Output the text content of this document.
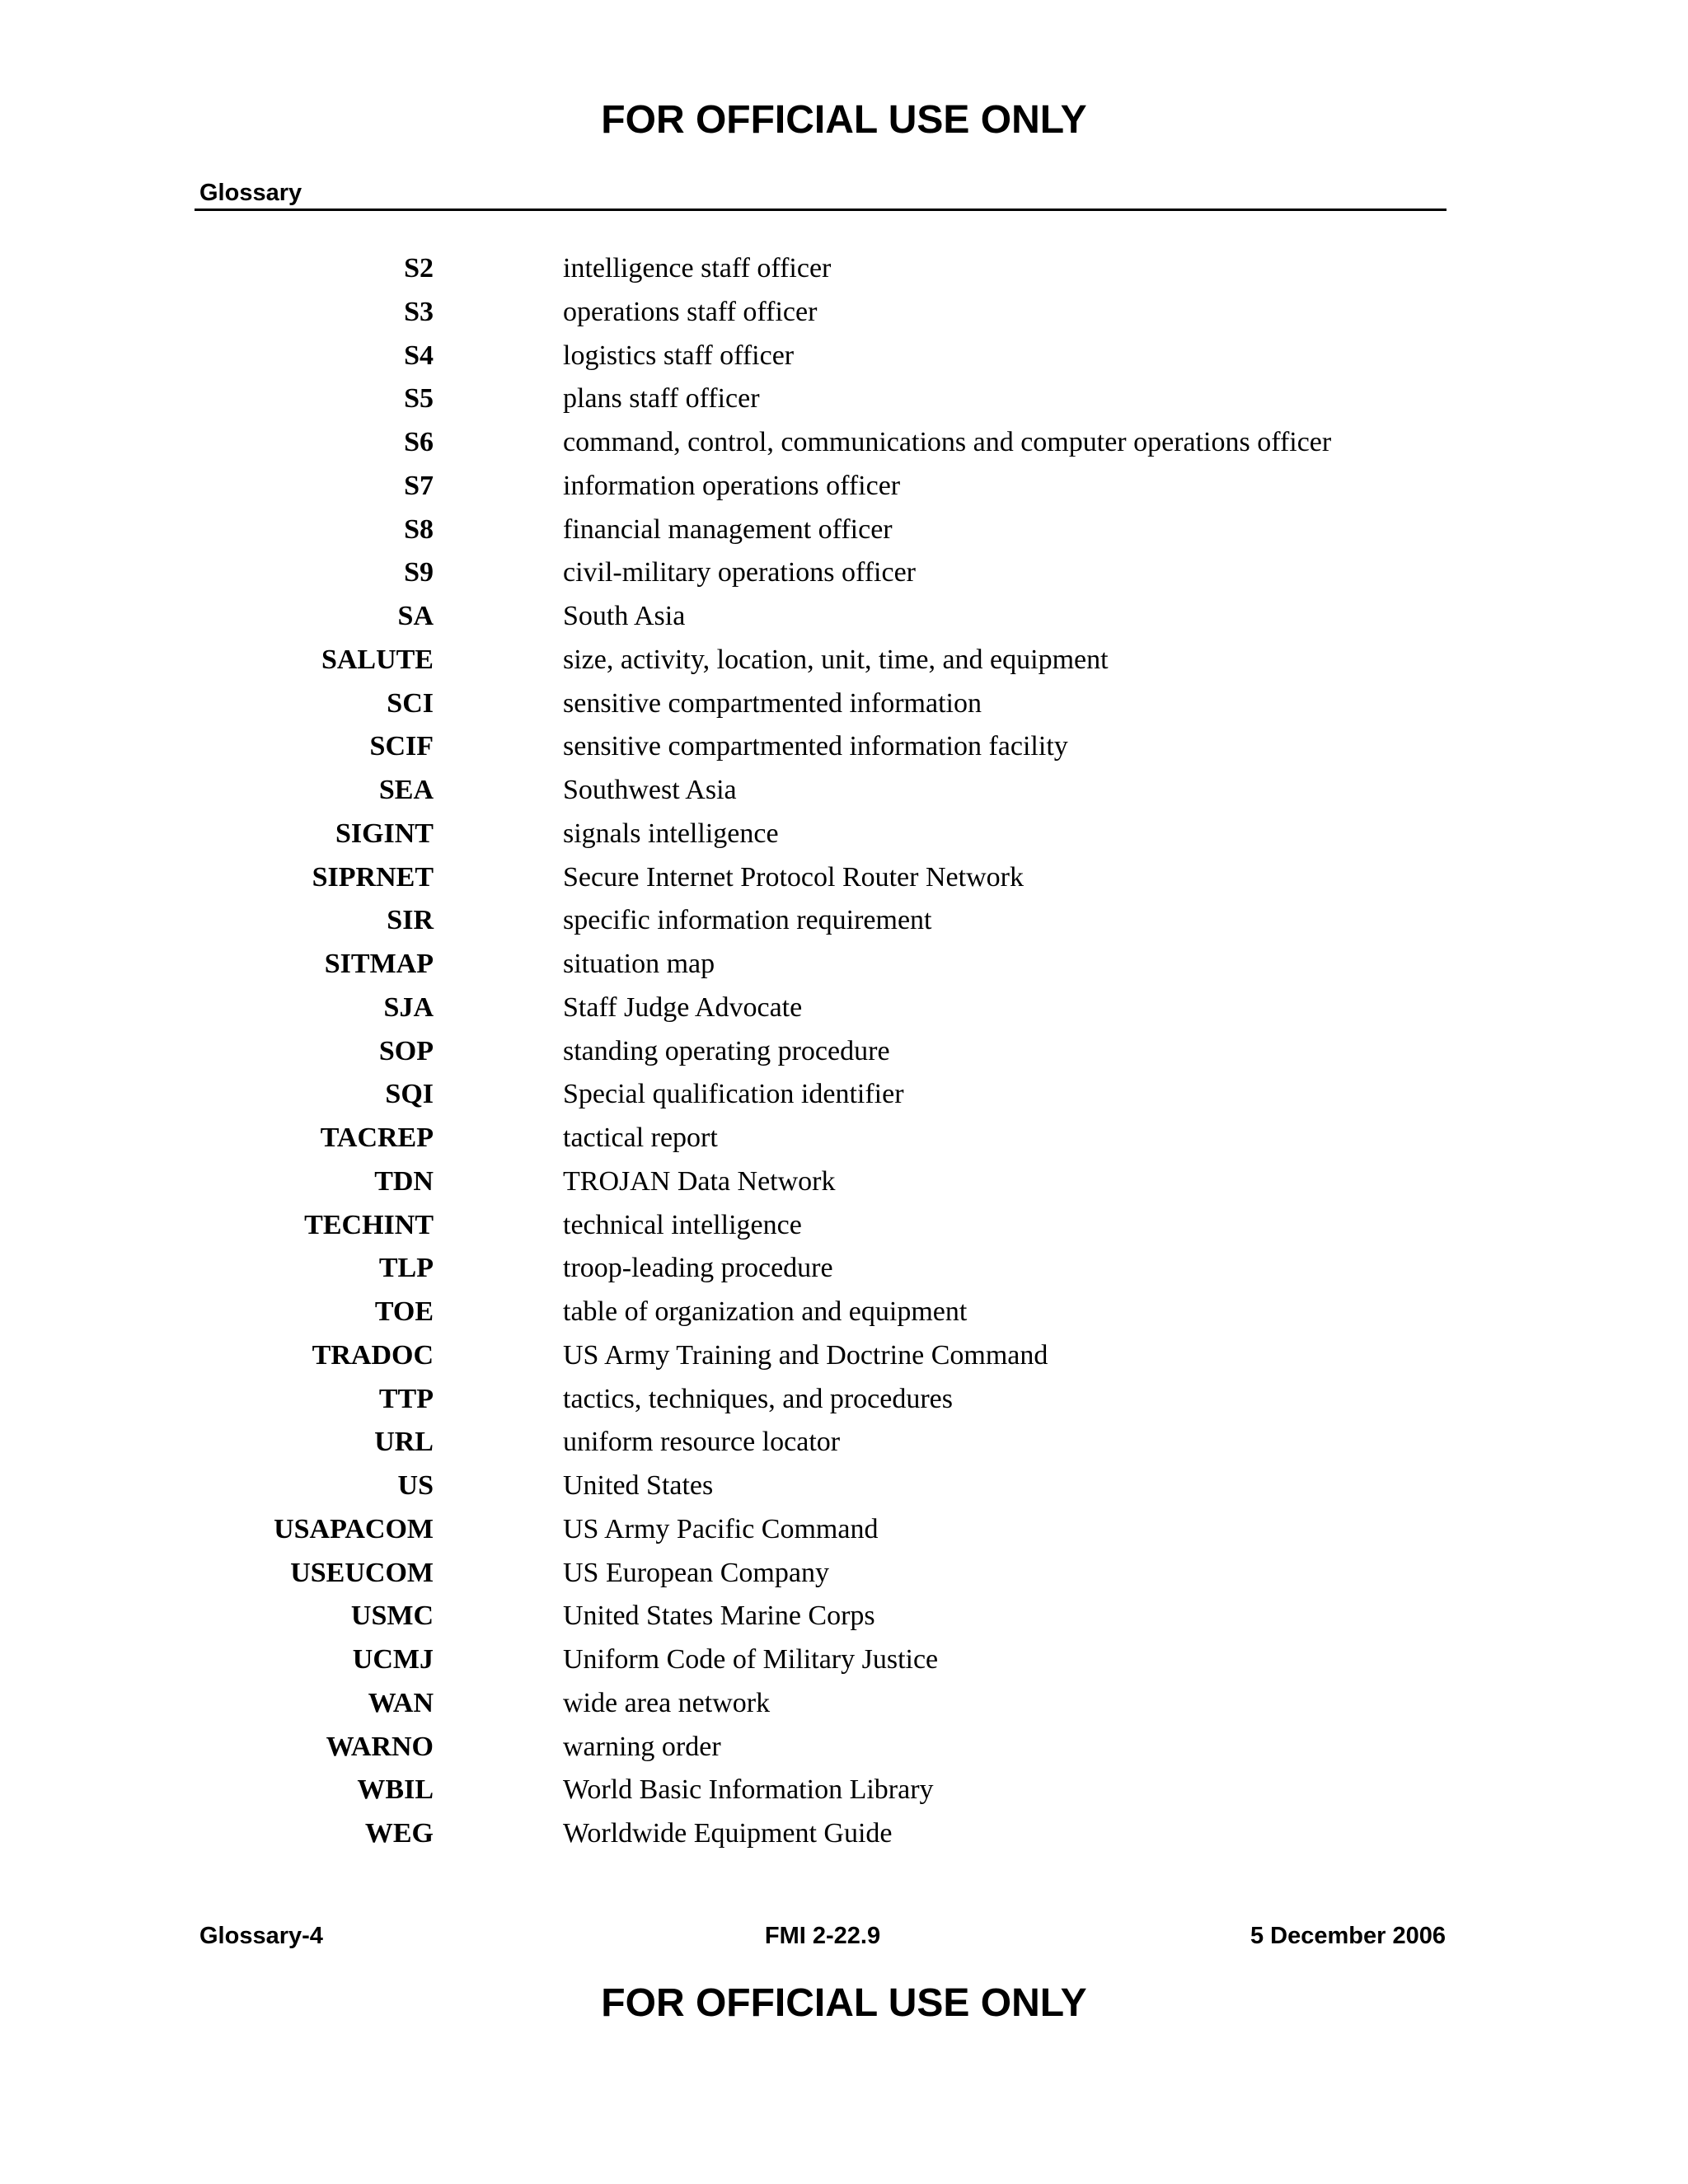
FOR OFFICIAL USE ONLY
Glossary
S2	intelligence staff officer
S3	operations staff officer
S4	logistics staff officer
S5	plans staff officer
S6	command, control, communications and computer operations officer
S7	information operations officer
S8	financial management officer
S9	civil-military operations officer
SA	South Asia
SALUTE	size, activity, location, unit, time, and equipment
SCI	sensitive compartmented information
SCIF	sensitive compartmented information facility
SEA	Southwest Asia
SIGINT	signals intelligence
SIPRNET	Secure Internet Protocol Router Network
SIR	specific information requirement
SITMAP	situation map
SJA	Staff Judge Advocate
SOP	standing operating procedure
SQI	Special qualification identifier
TACREP	tactical report
TDN	TROJAN Data Network
TECHINT	technical intelligence
TLP	troop-leading procedure
TOE	table of organization and equipment
TRADOC	US Army Training and Doctrine Command
TTP	tactics, techniques, and procedures
URL	uniform resource locator
US	United States
USAPACOM	US Army Pacific Command
USEUCOM	US European Company
USMC	United States Marine Corps
UCMJ	Uniform Code of Military Justice
WAN	wide area network
WARNO	warning order
WBIL	World Basic Information Library
WEG	Worldwide Equipment Guide
Glossary-4	FMI 2-22.9	5 December 2006
FOR OFFICIAL USE ONLY
